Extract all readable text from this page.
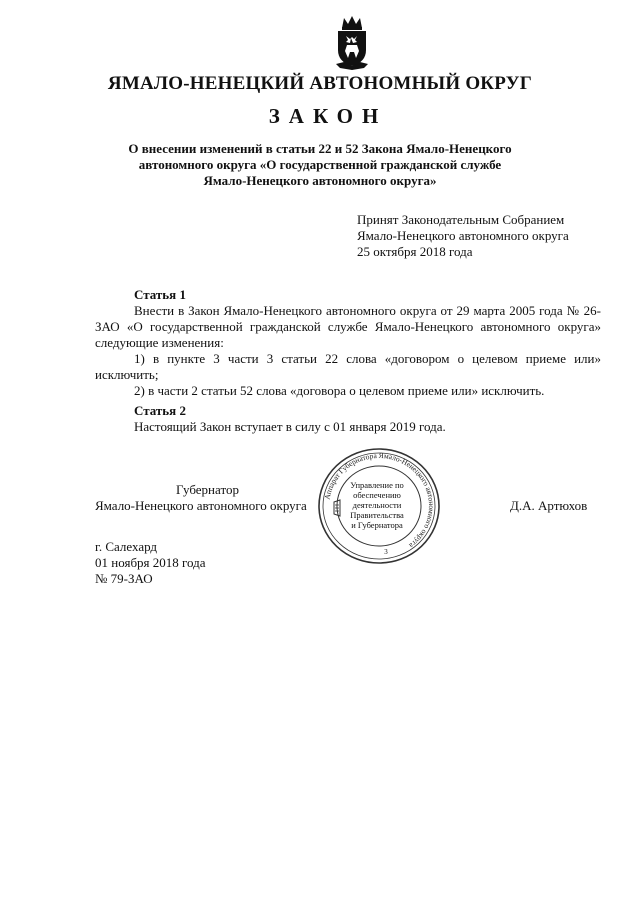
ЯМАЛО-НЕНЕЦКИЙ АВТОНОМНЫЙ ОКРУГ
ЗАКОН
О внесении изменений в статьи 22 и 52 Закона Ямало-Ненецкого
автономного округа «О государственной гражданской службе
Ямало-Ненецкого автономного округа»
Принят Законодательным Собранием
Ямало-Ненецкого автономного округа
25 октября 2018 года
Статья 1

Внести в Закон Ямало-Ненецкого автономного округа от 29 марта 2005 года № 26-ЗАО «О государственной гражданской службе Ямало-Ненецкого автономного округа» следующие изменения:

1) в пункте 3 части 3 статьи 22 слова «договором о целевом приеме или» исключить;

2) в части 2 статьи 52 слова «договора о целевом приеме или» исключить.

Статья 2

Настоящий Закон вступает в силу с 01 января 2019 года.

Губернатор
Ямало-Ненецкого автономного округа	Д.А. Артюхов
Аппарат Губернатора Ямало-Ненецкого автономного округа
Управление по
обеспечению
деятельности
Правительства
и Губернатора
3
г. Салехард
01 ноября 2018 года
№ 79-ЗАО
